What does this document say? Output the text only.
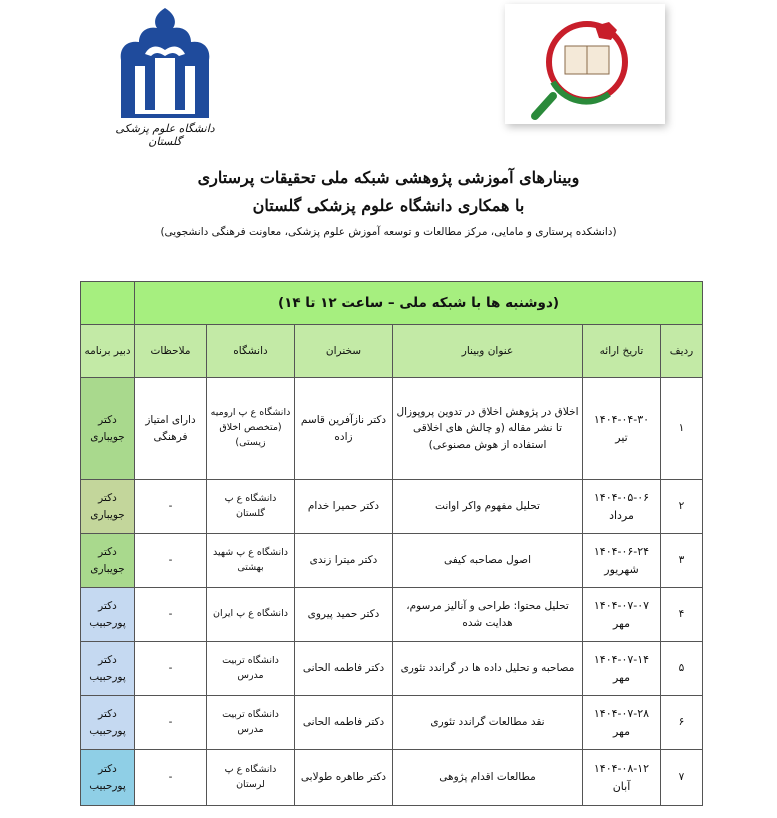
دانشگاه علوم پزشکی گلستان
وبینارهای آموزشی پژوهشی شبکه ملی تحقیقات پرستاری
با همکاری دانشگاه علوم پزشکی گلستان
(دانشکده پرستاری و مامایی، مرکز مطالعات و توسعه آموزش علوم پزشکی، معاونت فرهنگی دانشجویی)
(دوشنبه ها با شبکه ملی – ساعت ۱۲ تا ۱۴)						
ردیف	تاریخ ارائه	عنوان وبینار	سخنران	دانشگاه	ملاحظات	دبیر برنامه
۱	۱۴۰۴-۰۴-۳۰ تیر	اخلاق در پژوهش اخلاق در تدوین پروپوزال تا نشر مقاله (و چالش های اخلاقی استفاده از هوش مصنوعی)	دکتر نازآفرین قاسم زاده	دانشگاه ع پ ارومیه (متخصص اخلاق زیستی)	دارای امتیاز فرهنگی	دکتر جویباری
۲	۱۴۰۴-۰۵-۰۶ مرداد	تحلیل مفهوم واکر اوانت	دکتر حمیرا خدام	دانشگاه ع پ گلستان	-	دکتر جویباری
۳	۱۴۰۴-۰۶-۲۴ شهریور	اصول مصاحبه کیفی	دکتر میترا زندی	دانشگاه ع پ شهید بهشتی	-	دکتر جویباری
۴	۱۴۰۴-۰۷-۰۷ مهر	تحلیل محتوا: طراحی و آنالیز مرسوم، هدایت شده	دکتر حمید پیروی	دانشگاه ع پ ایران	-	دکتر پورحبیب
۵	۱۴۰۴-۰۷-۱۴ مهر	مصاحبه و تحلیل داده ها در گراندد تئوری	دکتر فاطمه الحانی	دانشگاه تربیت مدرس	-	دکتر پورحبیب
۶	۱۴۰۴-۰۷-۲۸ مهر	نقد مطالعات گراندد تئوری	دکتر فاطمه الحانی	دانشگاه تربیت مدرس	-	دکتر پورحبیب
۷	۱۴۰۴-۰۸-۱۲ آبان	مطالعات اقدام پژوهی	دکتر طاهره طولابی	دانشگاه ع پ لرستان	-	دکتر پورحبیب
